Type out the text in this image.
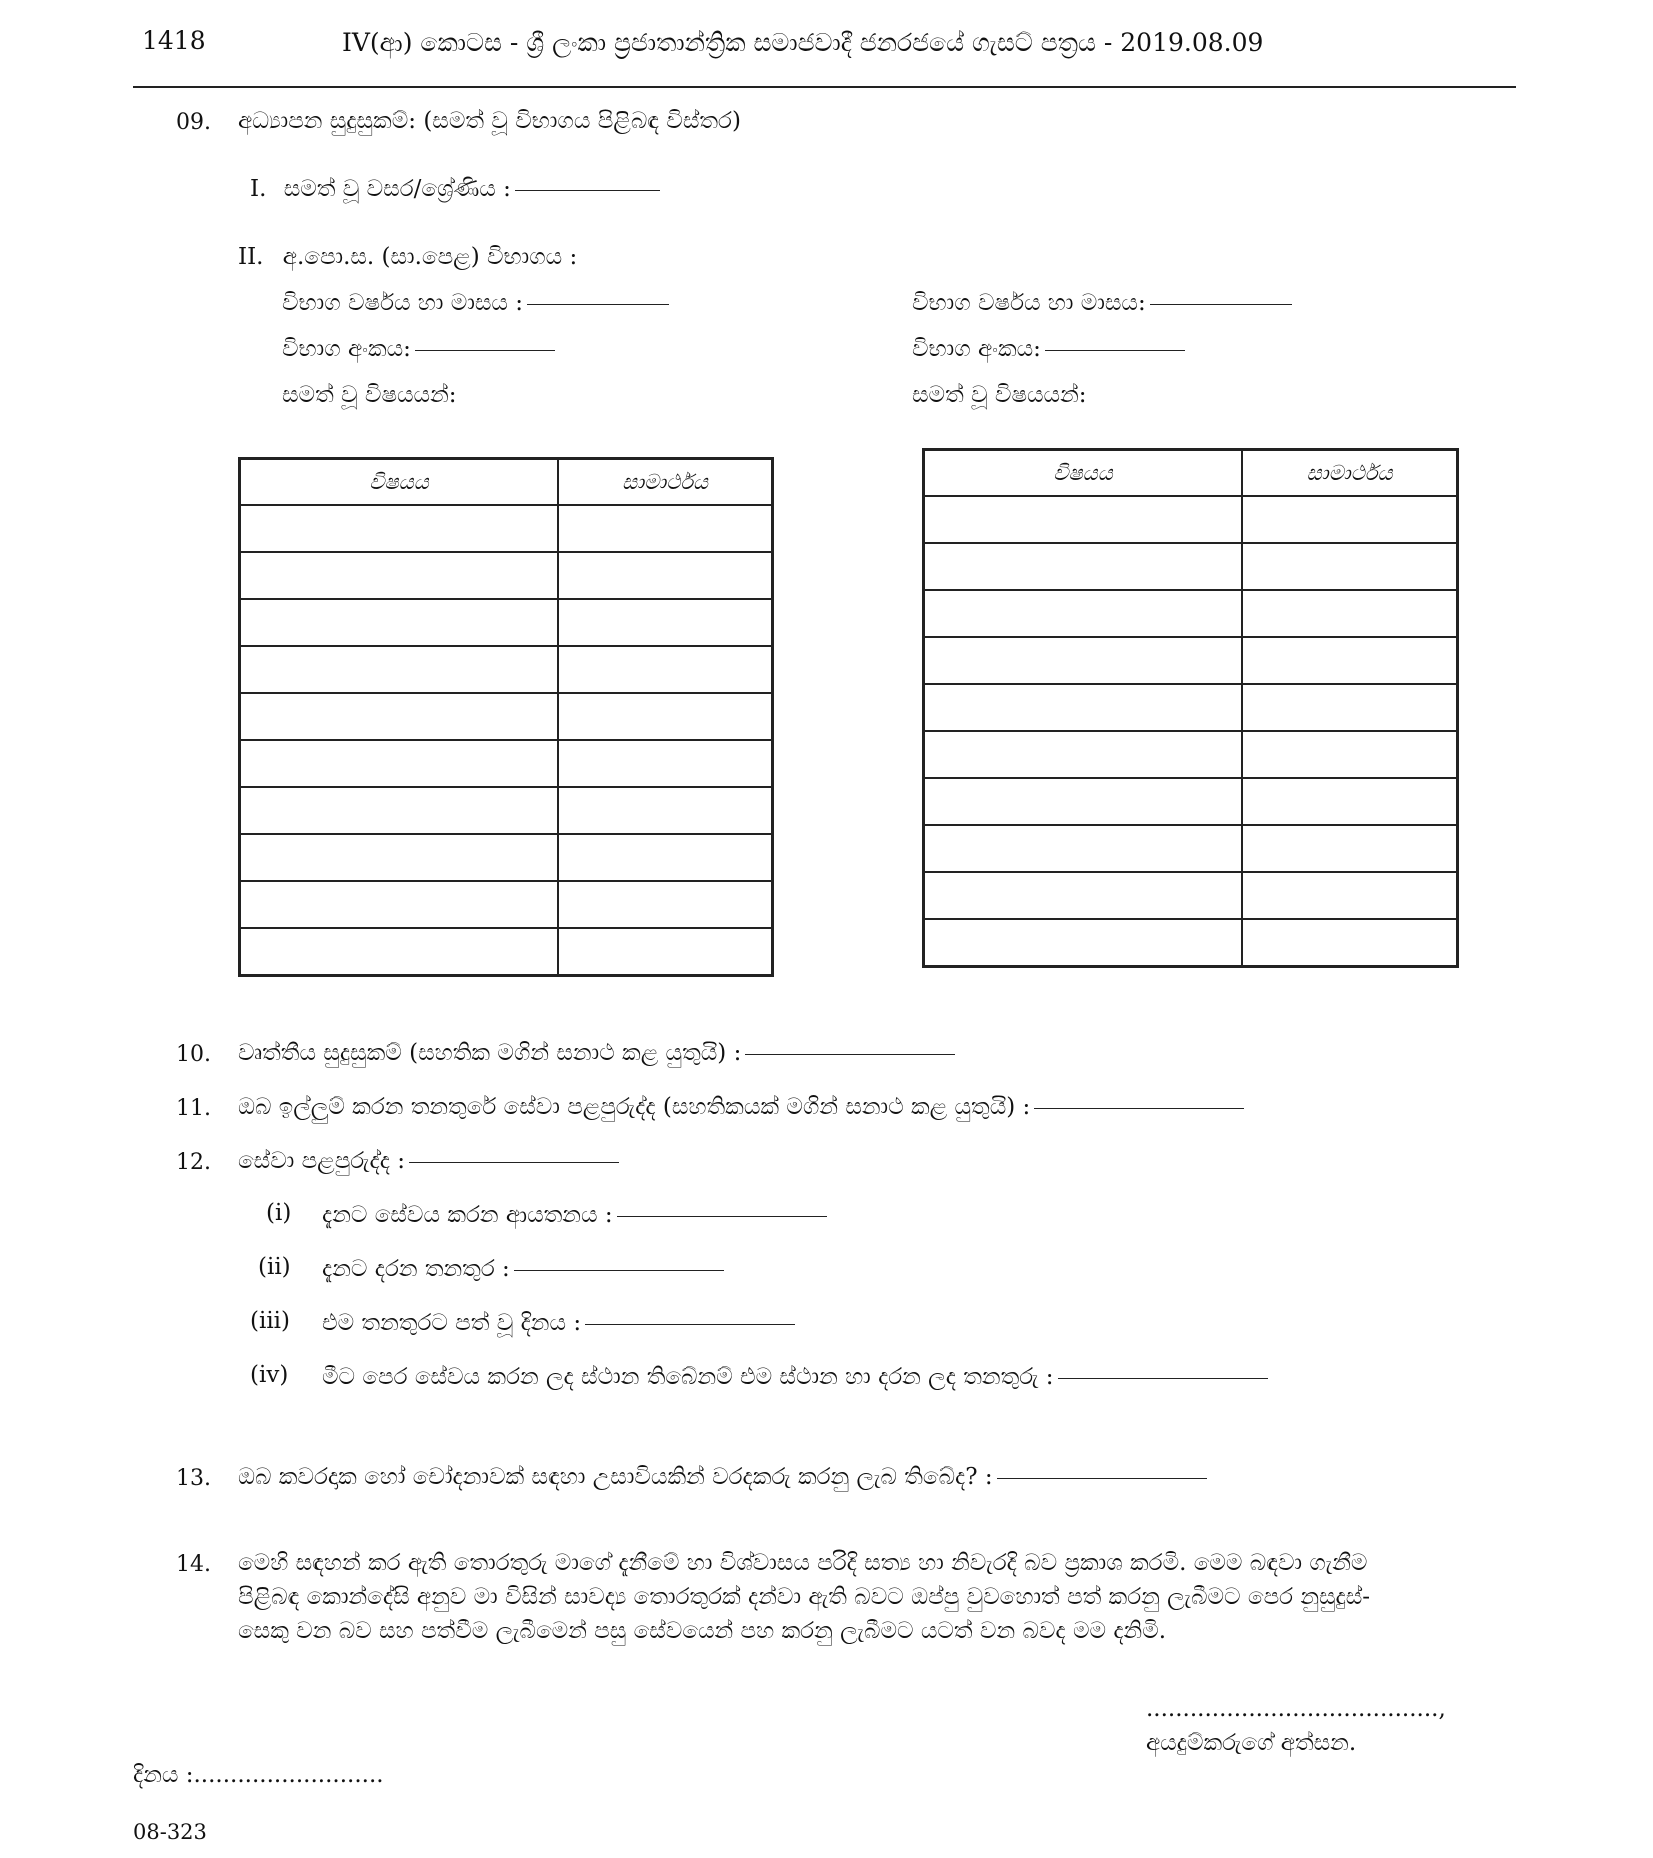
1418	IV(ආ) කොටස - ශ්‍රී ලංකා ප්‍රජාතාන්ත්‍රික සමාජවාදී ජනරජයේ ගැසට් පත්‍රය - 2019.08.09
09. අධ්‍යාපන සුදුසුකම්: (සමත් වූ විභාගය පිළිබඳ විස්තර)
I. සමත් වූ වසර/ශ්‍රේණිය :
II. අ.පො.ස. (සා.පෙළ) විභාගය :
විභාග වර්ෂය හා මාසය :
විභාග අංකය:
සමත් වූ විෂයයන්:
විභාග වර්ෂය හා මාසය:
විභාග අංකය:
සමත් වූ විෂයයන්:
විෂයය	සාමාර්ථය

		විෂයය	සාමාර්ථය

10. වෘත්තීය සුදුසුකම් (සහතික මගින් සනාථ කළ යුතුයි) :
11. ඔබ ඉල්ලුම් කරන තනතුරේ සේවා පළපුරුද්ද (සහතිකයක් මගින් සනාථ කළ යුතුයි) :
12. සේවා පළපුරුද්ද :
(i) දැනට සේවය කරන ආයතනය :
(ii) දැනට දරන තනතුර :
(iii) එම තනතුරට පත් වූ දිනය :
(iv) මීට පෙර සේවය කරන ලද ස්ථාන තිබේනම් එම ස්ථාන හා දරන ලද තනතුරු :
13. ඔබ කවරදාක හෝ චෝදනාවක් සඳහා උසාවියකින් වරදකරු කරනු ලැබ තිබේද? :
14. මෙහි සඳහන් කර ඇති තොරතුරු මාගේ දැනීමේ හා විශ්වාසය පරිදි සත්‍ය හා නිවැරදි බව ප්‍රකාශ කරමි. මෙම බඳවා ගැනීම
පිළිබඳ කොන්දේසි අනුව මා විසින් සාවද්‍ය තොරතුරක් දන්වා ඇති බවට ඔප්පු වුවහොත් පත් කරනු ලැබීමට පෙර නුසුදුස්-
සෙකු වන බව සහ පත්වීම ලැබීමෙන් පසු සේවයෙන් පහ කරනු ලැබීමට යටත් වන බවද මම දනිමි.
........................................,
අයදුම්කරුගේ අත්සන.
දිනය :..........................
08-323
